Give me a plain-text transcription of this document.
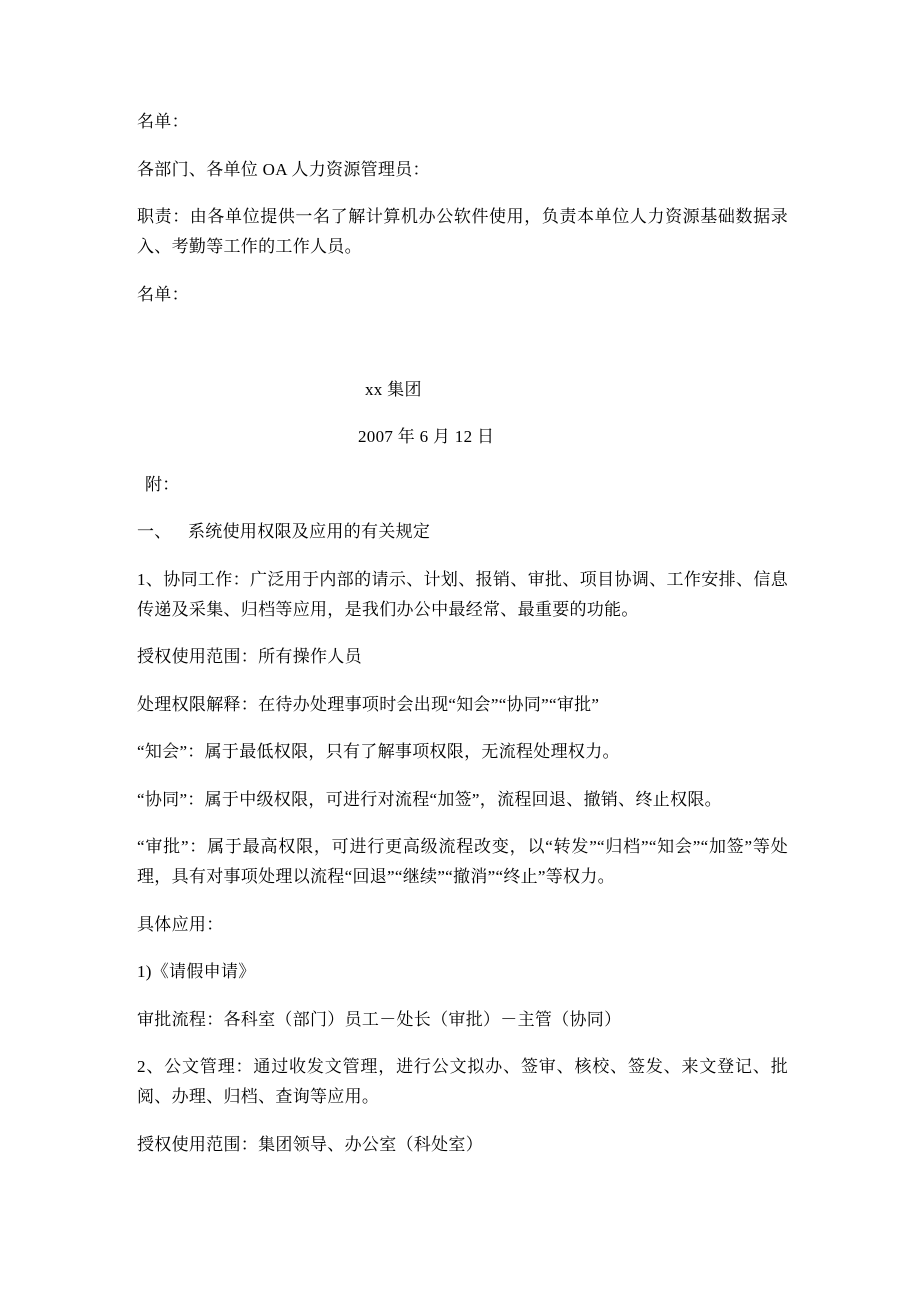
名单：

各部门、各单位 OA 人力资源管理员：

职责：由各单位提供一名了解计算机办公软件使用，负责本单位人力资源基础数据录入、考勤等工作的工作人员。

名单：

xx 集团

2007 年 6 月 12 日

附：

一、 系统使用权限及应用的有关规定

1、协同工作：广泛用于内部的请示、计划、报销、审批、项目协调、工作安排、信息传递及采集、归档等应用，是我们办公中最经常、最重要的功能。

授权使用范围：所有操作人员

处理权限解释：在待办处理事项时会出现“知会”“协同”“审批”

“知会”：属于最低权限，只有了解事项权限，无流程处理权力。

“协同”：属于中级权限，可进行对流程“加签”，流程回退、撤销、终止权限。

“审批”：属于最高权限，可进行更高级流程改变，以“转发”“归档”“知会”“加签”等处理，具有对事项处理以流程“回退”“继续”“撤消”“终止”等权力。

具体应用：

1)《请假申请》

审批流程：各科室（部门）员工－处长（审批）－主管（协同）

2、公文管理：通过收发文管理，进行公文拟办、签审、核校、签发、来文登记、批阅、办理、归档、查询等应用。

授权使用范围：集团领导、办公室（科处室）
